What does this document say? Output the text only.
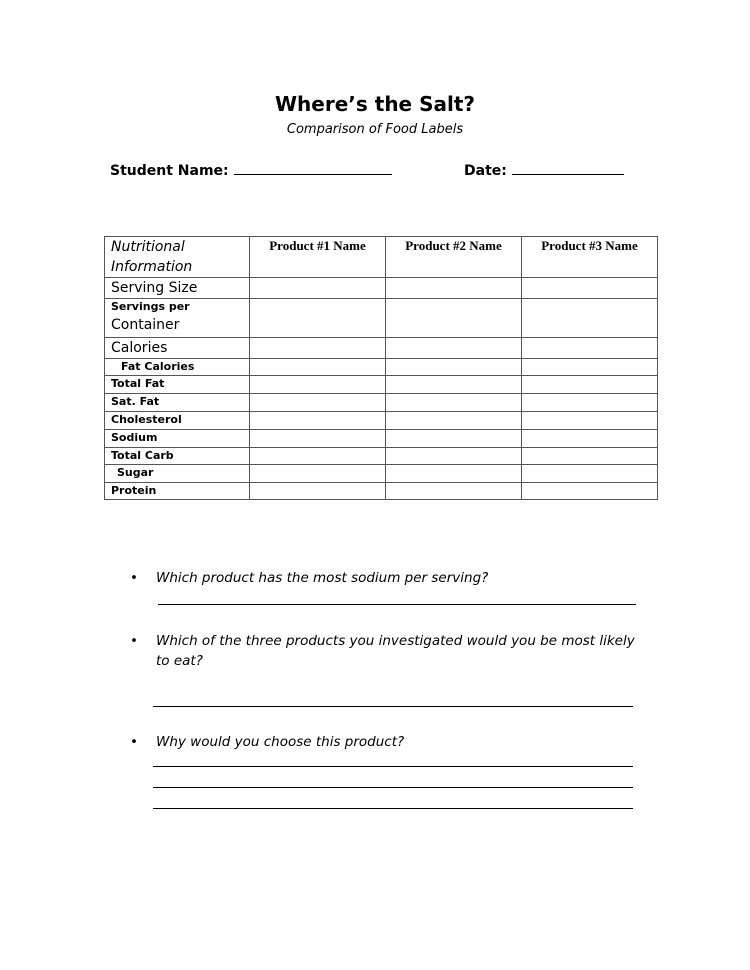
Where’s the Salt?
Comparison of Food Labels
Student Name:	Date:
Nutritional Information	Product #1 Name	Product #2 Name	Product #3 Name
Serving Size			

Servings per
Container			

Calories			
Fat Calories			
Total Fat			
Sat. Fat			
Cholesterol			
Sodium			
Total Carb			
Sugar			
Protein			
• Which product has the most sodium per serving?
•	Which of the three products you investigated would you be most likely to eat?
• Why would you choose this product?
